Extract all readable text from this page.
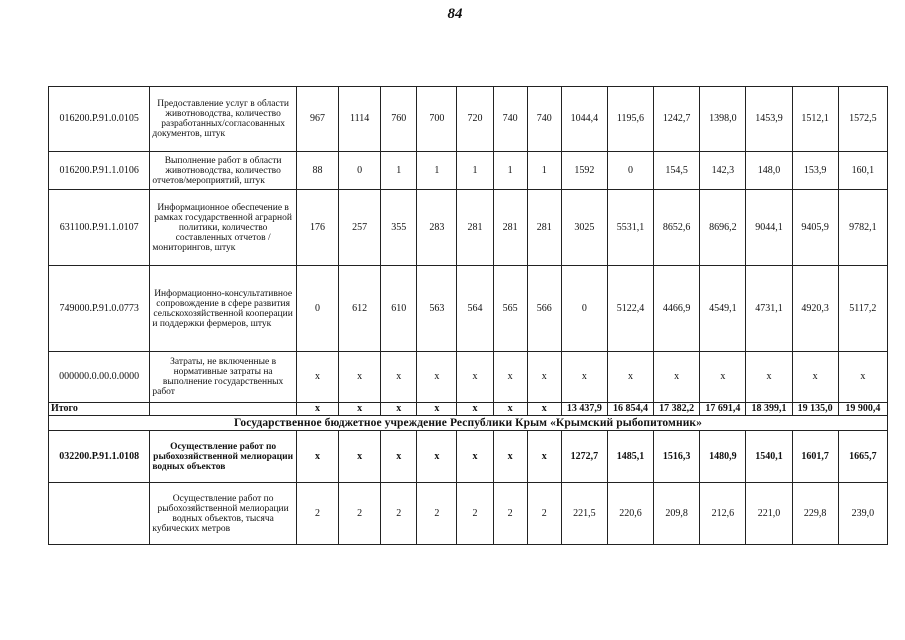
84
016200.Р.91.0.0105	Предоставление услуг в области животноводства, количество разработанных/согласованных документов, штук	967	1114	760	700	720	740	740	1044,4	1195,6	1242,7	1398,0	1453,9	1512,1	1572,5
016200.Р.91.1.0106	Выполнение работ в области животноводства, количество отчетов/мероприятий, штук	88	0	1	1	1	1	1	1592	0	154,5	142,3	148,0	153,9	160,1
631100.Р.91.1.0107	Информационное обеспечение в рамках государственной аграрной политики, количество составленных отчетов / мониторингов, штук	176	257	355	283	281	281	281	3025	5531,1	8652,6	8696,2	9044,1	9405,9	9782,1
749000.Р.91.0.0773	Информационно-консультативное сопровождение в сфере развития сельскохозяйственной кооперации и поддержки фермеров, штук	0	612	610	563	564	565	566	0	5122,4	4466,9	4549,1	4731,1	4920,3	5117,2
000000.0.00.0.0000	Затраты, не включенные в нормативные затраты на выполнение государственных работ	х	х	х	х	х	х	х	х	х	х	х	х	х	х
Итого		х	х	х	х	х	х	х	13 437,9	16 854,4	17 382,2	17 691,4	18 399,1	19 135,0	19 900,4
Государственное бюджетное учреждение Республики Крым «Крымский рыбопитомник»															
032200.Р.91.1.0108	Осуществление работ по рыбохозяйственной мелиорации водных объектов	х	х	х	х	х	х	х	1272,7	1485,1	1516,3	1480,9	1540,1	1601,7	1665,7
	Осуществление работ по рыбохозяйственной мелиорации водных объектов, тысяча кубических метров	2	2	2	2	2	2	2	221,5	220,6	209,8	212,6	221,0	229,8	239,0
